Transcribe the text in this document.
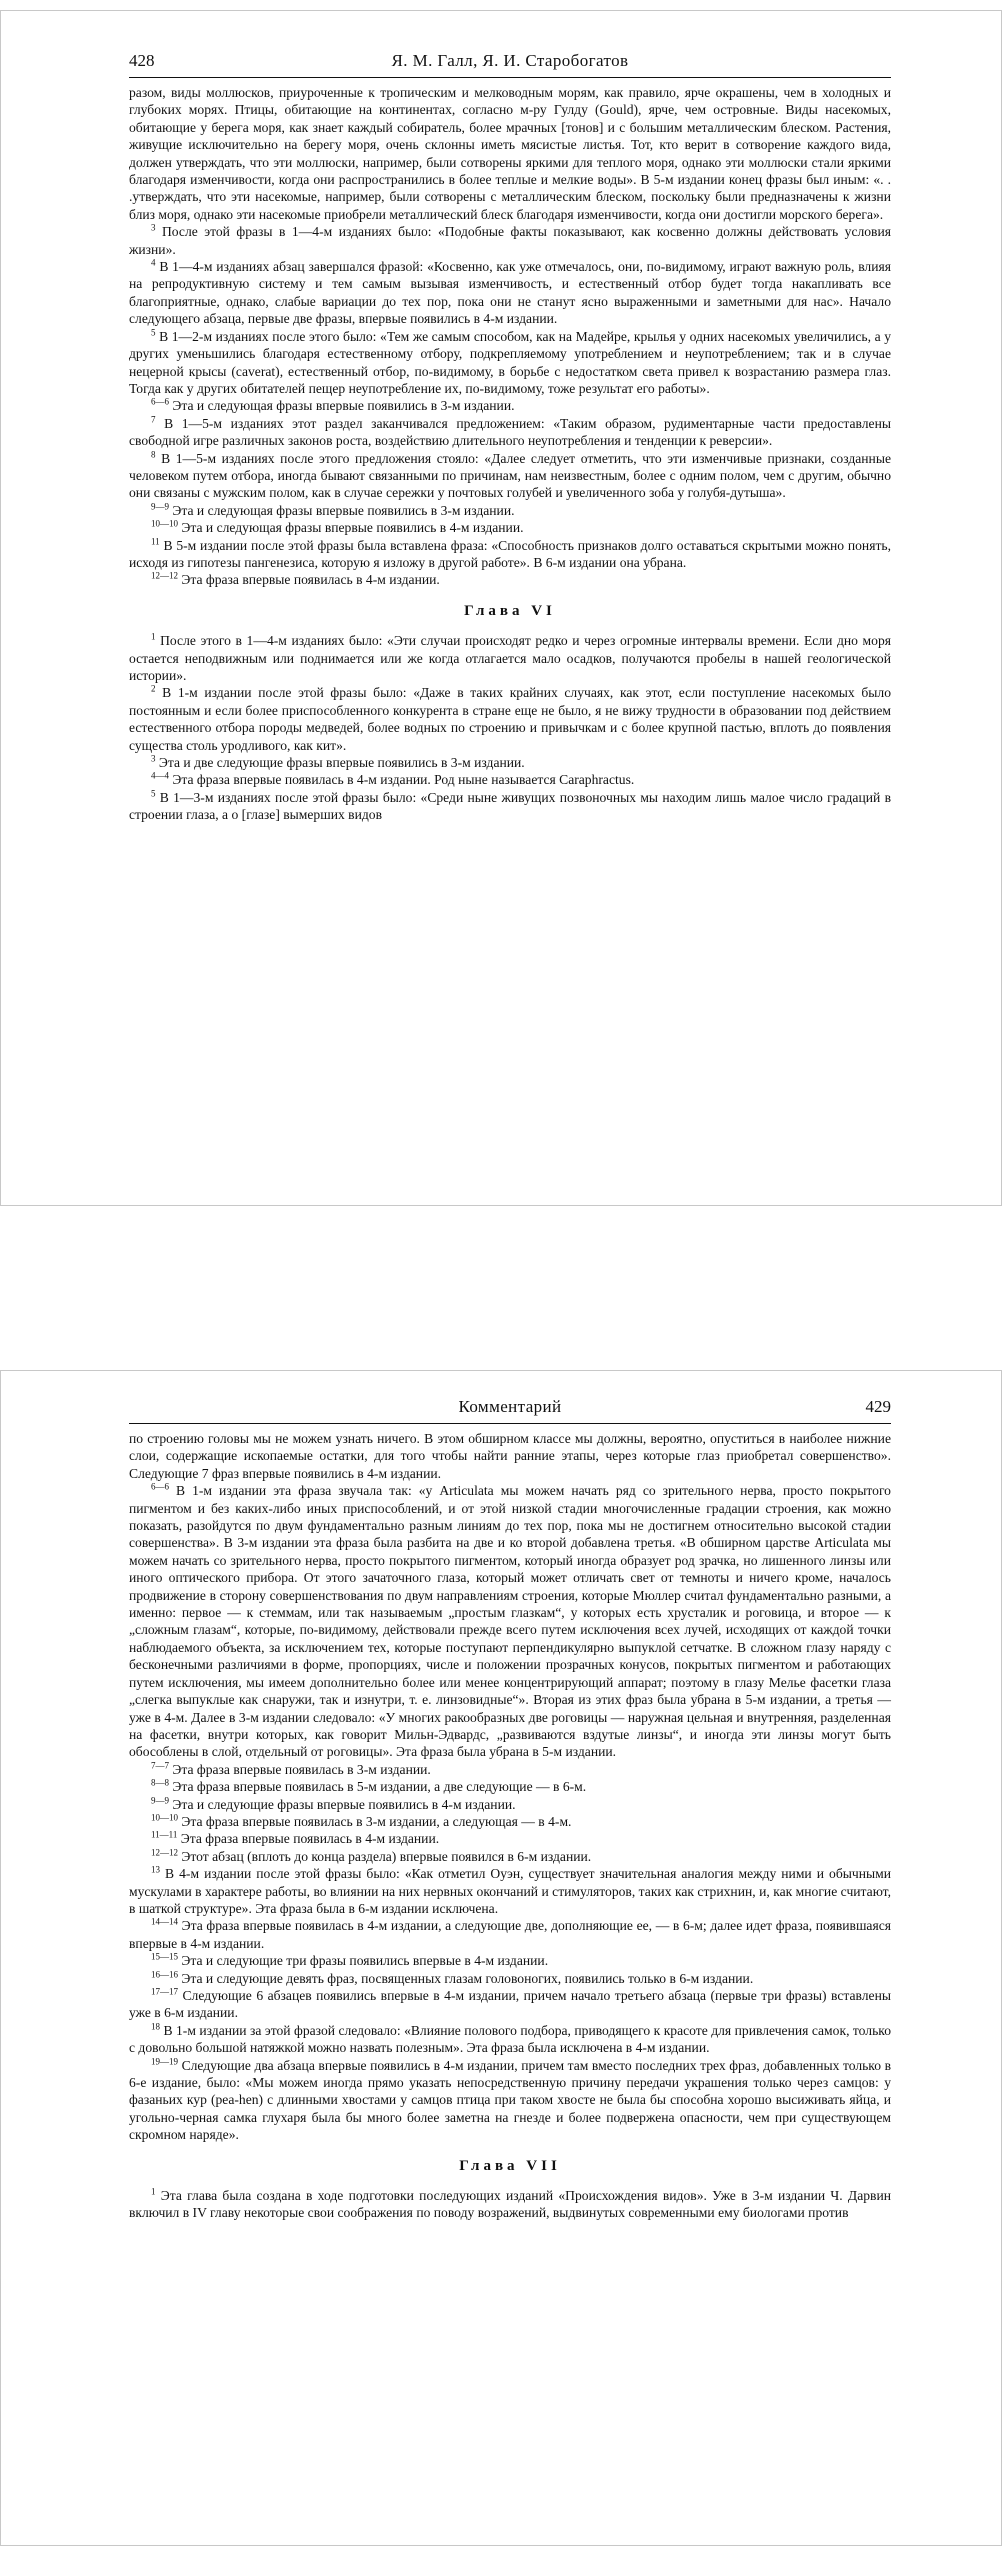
428	Я. М. Галл, Я. И. Старобогатов

разом, виды моллюсков, приуроченные к тропическим и мелководным морям, как правило, ярче окрашены, чем в холодных и глубоких морях. Птицы, обитающие на континентах, согласно м-ру Гулду (Gould), ярче, чем островные. Виды насекомых, обитающие у берега моря, как знает каждый собиратель, более мрачных [тонов] и с большим металлическим блеском. Растения, живущие исключительно на берегу моря, очень склонны иметь мясистые листья. Тот, кто верит в сотворение каждого вида, должен утверждать, что эти моллюски, например, были сотворены яркими для теплого моря, однако эти моллюски стали яркими благодаря изменчивости, когда они распространились в более теплые и мелкие воды». В 5-м издании конец фразы был иным: «. . .утверждать, что эти насекомые, например, были сотворены с металлическим блеском, поскольку были предназначены к жизни близ моря, однако эти насекомые приобрели металлический блеск благодаря изменчивости, когда они достигли морского берега».

$^3$ После этой фразы в 1—4-м изданиях было: «Подобные факты показывают, как косвенно должны действовать условия жизни».

$^4$ В 1—4-м изданиях абзац завершался фразой: «Косвенно, как уже отмечалось, они, по-видимому, играют важную роль, влияя на репродуктивную систему и тем самым вызывая изменчивость, и естественный отбор будет тогда накапливать все благоприятные, однако, слабые вариации до тех пор, пока они не станут ясно выраженными и заметными для нас». Начало следующего абзаца, первые две фразы, впервые появились в 4-м издании.

$^5$ В 1—2-м изданиях после этого было: «Тем же самым способом, как на Мадейре, крылья у одних насекомых увеличились, а у других уменьшились благодаря естественному отбору, подкрепляемому употреблением и неупотреблением; так и в случае нецерной крысы (caverat), естественный отбор, по-видимому, в борьбе с недостатком света привел к возрастанию размера глаз. Тогда как у других обитателей пещер неупотребление их, по-видимому, тоже результат его работы».

$^{6—6}$ Эта и следующая фразы впервые появились в 3-м издании.

$^7$ В 1—5-м изданиях этот раздел заканчивался предложением: «Таким образом, рудиментарные части предоставлены свободной игре различных законов роста, воздействию длительного неупотребления и тенденции к реверсии».

$^8$ В 1—5-м изданиях после этого предложения стояло: «Далее следует отметить, что эти изменчивые признаки, созданные человеком путем отбора, иногда бывают связанными по причинам, нам неизвестным, более с одним полом, чем с другим, обычно они связаны с мужским полом, как в случае сережки у почтовых голубей и увеличенного зоба у голубя-дутыша».

$^{9—9}$ Эта и следующая фразы впервые появились в 3-м издании.

$^{10—10}$ Эта и следующая фразы впервые появились в 4-м издании.

$^{11}$ В 5-м издании после этой фразы была вставлена фраза: «Способность признаков долго оставаться скрытыми можно понять, исходя из гипотезы пангенезиса, которую я изложу в другой работе». В 6-м издании она убрана.

$^{12—12}$ Эта фраза впервые появилась в 4-м издании.

Глава VI

$^1$ После этого в 1—4-м изданиях было: «Эти случаи происходят редко и через огромные интервалы времени. Если дно моря остается неподвижным или поднимается или же когда отлагается мало осадков, получаются пробелы в нашей геологической истории».

$^2$ В 1-м издании после этой фразы было: «Даже в таких крайних случаях, как этот, если поступление насекомых было постоянным и если более приспособленного конкурента в стране еще не было, я не вижу трудности в образовании под действием естественного отбора породы медведей, более водных по строению и привычкам и с более крупной пастью, вплоть до появления существа столь уродливого, как кит».

$^3$ Эта и две следующие фразы впервые появились в 3-м издании.

$^{4—4}$ Эта фраза впервые появилась в 4-м издании. Род ныне называется Caraphractus.

$^5$ В 1—3-м изданиях после этой фразы было: «Среди ныне живущих позвоночных мы находим лишь малое число градаций в строении глаза, а о [глазе] вымерших видов

Комментарий	429

по строению головы мы не можем узнать ничего. В этом обширном классе мы должны, вероятно, опуститься в наиболее нижние слои, содержащие ископаемые остатки, для того чтобы найти ранние этапы, через которые глаз приобретал совершенство». Следующие 7 фраз впервые появились в 4-м издании.

$^{6—6}$ В 1-м издании эта фраза звучала так: «у Articulata мы можем начать ряд со зрительного нерва, просто покрытого пигментом и без каких-либо иных приспособлений, и от этой низкой стадии многочисленные градации строения, как можно показать, разойдутся по двум фундаментально разным линиям до тех пор, пока мы не достигнем относительно высокой стадии совершенства». В 3-м издании эта фраза была разбита на две и ко второй добавлена третья. «В обширном царстве Articulata мы можем начать со зрительного нерва, просто покрытого пигментом, который иногда образует род зрачка, но лишенного линзы или иного оптического прибора. От этого зачаточного глаза, который может отличать свет от темноты и ничего кроме, началось продвижение в сторону совершенствования по двум направлениям строения, которые Мюллер считал фундаментально разными, а именно: первое — к стеммам, или так называемым „простым глазкам“, у которых есть хрусталик и роговица, и второе — к „сложным глазам“, которые, по-видимому, действовали прежде всего путем исключения всех лучей, исходящих от каждой точки наблюдаемого объекта, за исключением тех, которые поступают перпендикулярно выпуклой сетчатке. В сложном глазу наряду с бесконечными различиями в форме, пропорциях, числе и положении прозрачных конусов, покрытых пигментом и работающих путем исключения, мы имеем дополнительно более или менее концентрирующий аппарат; поэтому в глазу Мелье фасетки глаза „слегка выпуклые как снаружи, так и изнутри, т. е. линзовидные“». Вторая из этих фраз была убрана в 5-м издании, а третья — уже в 4-м. Далее в 3-м издании следовало: «У многих ракообразных две роговицы — наружная цельная и внутренняя, разделенная на фасетки, внутри которых, как говорит Мильн-Эдвардс, „развиваются вздутые линзы“, и иногда эти линзы могут быть обособлены в слой, отдельный от роговицы». Эта фраза была убрана в 5-м издании.

$^{7—7}$ Эта фраза впервые появилась в 3-м издании.

$^{8—8}$ Эта фраза впервые появилась в 5-м издании, а две следующие — в 6-м.

$^{9—9}$ Эта и следующие фразы впервые появились в 4-м издании.

$^{10—10}$ Эта фраза впервые появилась в 3-м издании, а следующая — в 4-м.

$^{11—11}$ Эта фраза впервые появилась в 4-м издании.

$^{12—12}$ Этот абзац (вплоть до конца раздела) впервые появился в 6-м издании.

$^{13}$ В 4-м издании после этой фразы было: «Как отметил Оуэн, существует значительная аналогия между ними и обычными мускулами в характере работы, во влиянии на них нервных окончаний и стимуляторов, таких как стрихнин, и, как многие считают, в шаткой структуре». Эта фраза была в 6-м издании исключена.

$^{14—14}$ Эта фраза впервые появилась в 4-м издании, а следующие две, дополняющие ее, — в 6-м; далее идет фраза, появившаяся впервые в 4-м издании.

$^{15—15}$ Эта и следующие три фразы появились впервые в 4-м издании.

$^{16—16}$ Эта и следующие девять фраз, посвященных глазам головоногих, появились только в 6-м издании.

$^{17—17}$ Следующие 6 абзацев появились впервые в 4-м издании, причем начало третьего абзаца (первые три фразы) вставлены уже в 6-м издании.

$^{18}$ В 1-м издании за этой фразой следовало: «Влияние полового подбора, приводящего к красоте для привлечения самок, только с довольно большой натяжкой можно назвать полезным». Эта фраза была исключена в 4-м издании.

$^{19—19}$ Следующие два абзаца впервые появились в 4-м издании, причем там вместо последних трех фраз, добавленных только в 6-е издание, было: «Мы можем иногда прямо указать непосредственную причину передачи украшения только через самцов: у фазаньих кур (pea-hen) с длинными хвостами у самцов птица при таком хвосте не была бы способна хорошо высиживать яйца, и угольно-черная самка глухаря была бы много более заметна на гнезде и более подвержена опасности, чем при существующем скромном наряде».

Глава VII

$^1$ Эта глава была создана в ходе подготовки последующих изданий «Происхождения видов». Уже в 3-м издании Ч. Дарвин включил в IV главу некоторые свои соображения по поводу возражений, выдвинутых современными ему биологами против
